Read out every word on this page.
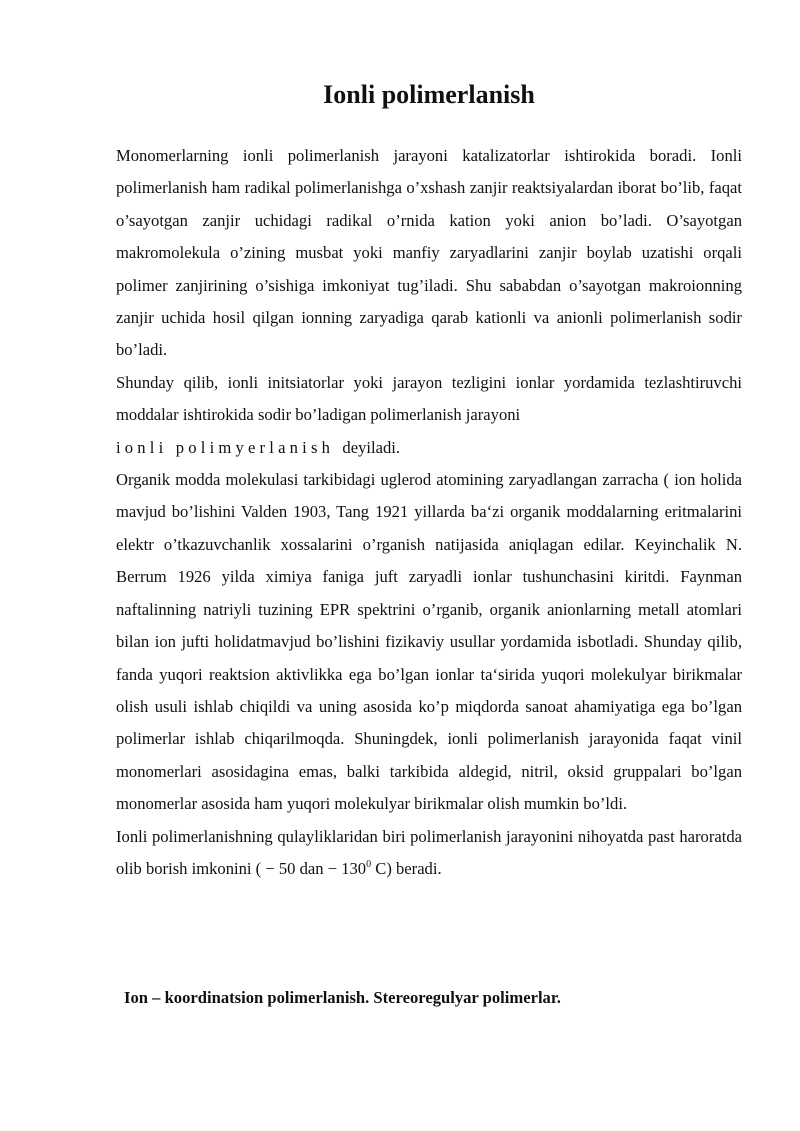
Ionli polimerlanish

Monomerlarning ionli polimerlanish jarayoni katalizatorlar ishtirokida boradi. Ionli polimerlanish ham radikal polimerlanishga o’xshash zanjir reaktsiyalardan iborat bo’lib, faqat o’sayotgan zanjir uchidagi radikal o’rnida kation yoki anion bo’ladi. O’sayotgan makromolekula o’zining musbat yoki manfiy zaryadlarini zanjir boylab uzatishi orqali polimer zanjirining o’sishiga imkoniyat tug’iladi. Shu sababdan o’sayotgan makroionning zanjir uchida hosil qilgan ionning zaryadiga qarab kationli va anionli polimerlanish sodir bo’ladi.

Shunday qilib, ionli initsiatorlar yoki jarayon tezligini ionlar yordamida tezlashtiruvchi moddalar ishtirokida sodir bo’ladigan polimerlanish jarayoni
ionli polimyerlanish deyiladi.

Organik modda molekulasi tarkibidagi uglerod atomining zaryadlangan zarracha ( ion holida mavjud bo’lishini Valden 1903, Tang 1921 yillarda ba‘zi organik moddalarning eritmalarini elektr o’tkazuvchanlik xossalarini o’rganish natijasida aniqlagan edilar. Keyinchalik N. Berrum 1926 yilda ximiya faniga juft zaryadli ionlar tushunchasini kiritdi. Faynman naftalinning natriyli tuzining EPR spektrini o’rganib, organik anionlarning metall atomlari bilan ion jufti holidatmavjud bo’lishini fizikaviy usullar yordamida isbotladi. Shunday qilib, fanda yuqori reaktsion aktivlikka ega bo’lgan ionlar ta‘sirida yuqori molekulyar birikmalar olish usuli ishlab chiqildi va uning asosida ko’p miqdorda sanoat ahamiyatiga ega bo’lgan polimerlar ishlab chiqarilmoqda. Shuningdek, ionli polimerlanish jarayonida faqat vinil monomerlari asosidagina emas, balki tarkibida aldegid, nitril, oksid gruppalari bo’lgan monomerlar asosida ham yuqori molekulyar birikmalar olish mumkin bo’ldi.

Ionli polimerlanishning qulayliklaridan biri polimerlanish jarayonini nihoyatda past haroratda olib borish imkonini ( − 50 dan − $130^0$ C) beradi.

Ion – koordinatsion polimerlanish. Stereoregulyar polimerlar.
